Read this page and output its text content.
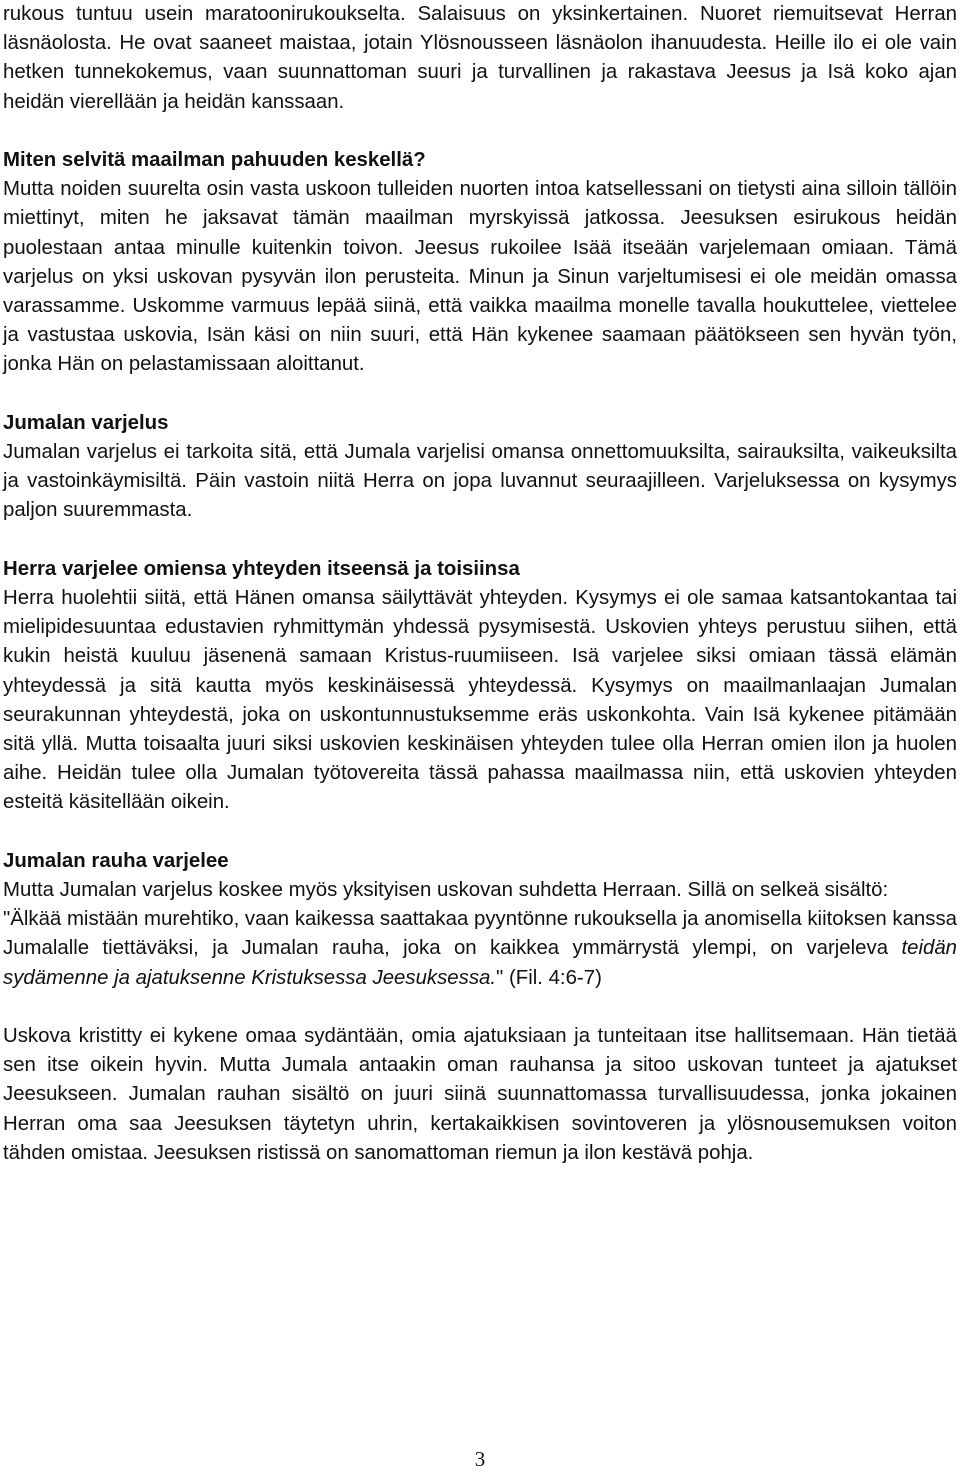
rukous tuntuu usein maratoonirukoukselta. Salaisuus on yksinkertainen. Nuoret riemuitsevat Herran läsnäolosta. He ovat saaneet maistaa, jotain Ylösnousseen läsnäolon ihanuudesta. Heille ilo ei ole vain hetken tunnekokemus, vaan suunnattoman suuri ja turvallinen ja rakastava Jeesus ja Isä koko ajan heidän vierellään ja heidän kanssaan.

Miten selvitä maailman pahuuden keskellä?

Mutta noiden suurelta osin vasta uskoon tulleiden nuorten intoa katsellessani on tietysti aina silloin tällöin miettinyt, miten he jaksavat tämän maailman myrskyissä jatkossa. Jeesuksen esirukous heidän puolestaan antaa minulle kuitenkin toivon. Jeesus rukoilee Isää itseään varjelemaan omiaan. Tämä varjelus on yksi uskovan pysyvän ilon perusteita. Minun ja Sinun varjeltumisesi ei ole meidän omassa varassamme. Uskomme varmuus lepää siinä, että vaikka maailma monelle tavalla houkuttelee, viettelee ja vastustaa uskovia, Isän käsi on niin suuri, että Hän kykenee saamaan päätökseen sen hyvän työn, jonka Hän on pelastamissaan aloittanut.

Jumalan varjelus

Jumalan varjelus ei tarkoita sitä, että Jumala varjelisi omansa onnettomuuksilta, sairauksilta, vaikeuksilta ja vastoinkäymisiltä. Päin vastoin niitä Herra on jopa luvannut seuraajilleen. Varjeluksessa on kysymys paljon suuremmasta.

Herra varjelee omiensa yhteyden itseensä ja toisiinsa

Herra huolehtii siitä, että Hänen omansa säilyttävät yhteyden. Kysymys ei ole samaa katsantokantaa tai mielipidesuuntaa edustavien ryhmittymän yhdessä pysymisestä. Uskovien yhteys perustuu siihen, että kukin heistä kuuluu jäsenenä samaan Kristus-ruumiiseen. Isä varjelee siksi omiaan tässä elämän yhteydessä ja sitä kautta myös keskinäisessä yhteydessä. Kysymys on maailmanlaajan Jumalan seurakunnan yhteydestä, joka on uskontunnustuksemme eräs uskonkohta. Vain Isä kykenee pitämään sitä yllä. Mutta toisaalta juuri siksi uskovien keskinäisen yhteyden tulee olla Herran omien ilon ja huolen aihe. Heidän tulee olla Jumalan työtovereita tässä pahassa maailmassa niin, että uskovien yhteyden esteitä käsitellään oikein.

Jumalan rauha varjelee

Mutta Jumalan varjelus koskee myös yksityisen uskovan suhdetta Herraan. Sillä on selkeä sisältö:

"Älkää mistään murehtiko, vaan kaikessa saattakaa pyyntönne rukouksella ja anomisella kiitoksen kanssa Jumalalle tiettäväksi, ja Jumalan rauha, joka on kaikkea ymmärrystä ylempi, on varjeleva teidän sydämenne ja ajatuksenne Kristuksessa Jeesuksessa." (Fil. 4:6-7)

Uskova kristitty ei kykene omaa sydäntään, omia ajatuksiaan ja tunteitaan itse hallitsemaan. Hän tietää sen itse oikein hyvin. Mutta Jumala antaakin oman rauhansa ja sitoo uskovan tunteet ja ajatukset Jeesukseen. Jumalan rauhan sisältö on juuri siinä suunnattomassa turvallisuudessa, jonka jokainen Herran oma saa Jeesuksen täytetyn uhrin, kertakaikkisen sovintoveren ja ylösnousemuksen voiton tähden omistaa. Jeesuksen ristissä on sanomattoman riemun ja ilon kestävä pohja.

3
